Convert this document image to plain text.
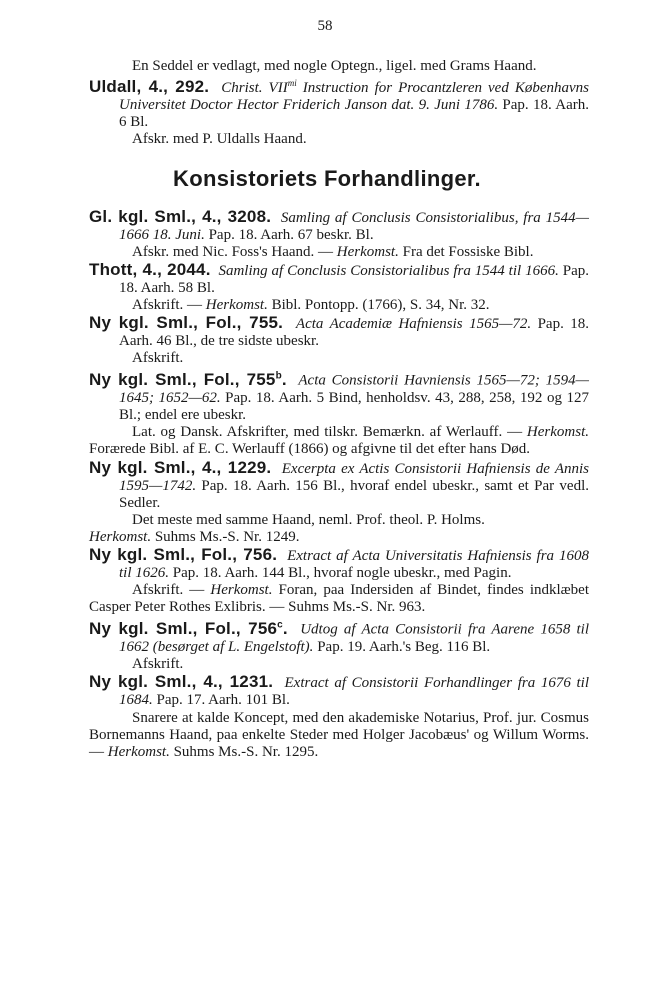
58

En Seddel er vedlagt, med nogle Optegn., ligel. med Grams Haand.

Uldall, 4., 292. Christ. $VII^{mi}$ Instruction for Procantzleren ved Københavns Universitet Doctor Hector Friderich Janson dat. 9. Juni 1786. Pap. 18. Aarh. 6 Bl.

Afskr. med P. Uldalls Haand.

Konsistoriets Forhandlinger.

Gl. kgl. Sml., 4., 3208. Samling af Conclusis Consistorialibus, fra 1544—1666 18. Juni. Pap. 18. Aarh. 67 beskr. Bl.

Afskr. med Nic. Foss's Haand. — Herkomst. Fra det Fossiske Bibl.

Thott, 4., 2044. Samling af Conclusis Consistorialibus fra 1544 til 1666. Pap. 18. Aarh. 58 Bl.

Afskrift. — Herkomst. Bibl. Pontopp. (1766), S. 34, Nr. 32.

Ny kgl. Sml., Fol., 755. Acta Academiæ Hafniensis 1565—72. Pap. 18. Aarh. 46 Bl., de tre sidste ubeskr.

Afskrift.

Ny kgl. Sml., Fol., 755$^b$. Acta Consistorii Havniensis 1565—72; 1594—1645; 1652—62. Pap. 18. Aarh. 5 Bind, henholdsv. 43, 288, 258, 192 og 127 Bl.; endel ere ubeskr.

Lat. og Dansk. Afskrifter, med tilskr. Bemærkn. af Werlauff. — Herkomst. Forærede Bibl. af E. C. Werlauff (1866) og afgivne til det efter hans Død.

Ny kgl. Sml., 4., 1229. Excerpta ex Actis Consistorii Hafniensis de Annis 1595—1742. Pap. 18. Aarh. 156 Bl., hvoraf endel ubeskr., samt et Par vedl. Sedler.

Det meste med samme Haand, neml. Prof. theol. P. Holms.

Herkomst. Suhms Ms.-S. Nr. 1249.

Ny kgl. Sml., Fol., 756. Extract af Acta Universitatis Hafniensis fra 1608 til 1626. Pap. 18. Aarh. 144 Bl., hvoraf nogle ubeskr., med Pagin.

Afskrift. — Herkomst. Foran, paa Indersiden af Bindet, findes indklæbet Casper Peter Rothes Exlibris. — Suhms Ms.-S. Nr. 963.

Ny kgl. Sml., Fol., 756$^c$. Udtog af Acta Consistorii fra Aarene 1658 til 1662 (besørget af L. Engelstoft). Pap. 19. Aarh.'s Beg. 116 Bl.

Afskrift.

Ny kgl. Sml., 4., 1231. Extract af Consistorii Forhandlinger fra 1676 til 1684. Pap. 17. Aarh. 101 Bl.

Snarere at kalde Koncept, med den akademiske Notarius, Prof. jur. Cosmus Bornemanns Haand, paa enkelte Steder med Holger Jacobæus' og Willum Worms. — Herkomst. Suhms Ms.-S. Nr. 1295.
